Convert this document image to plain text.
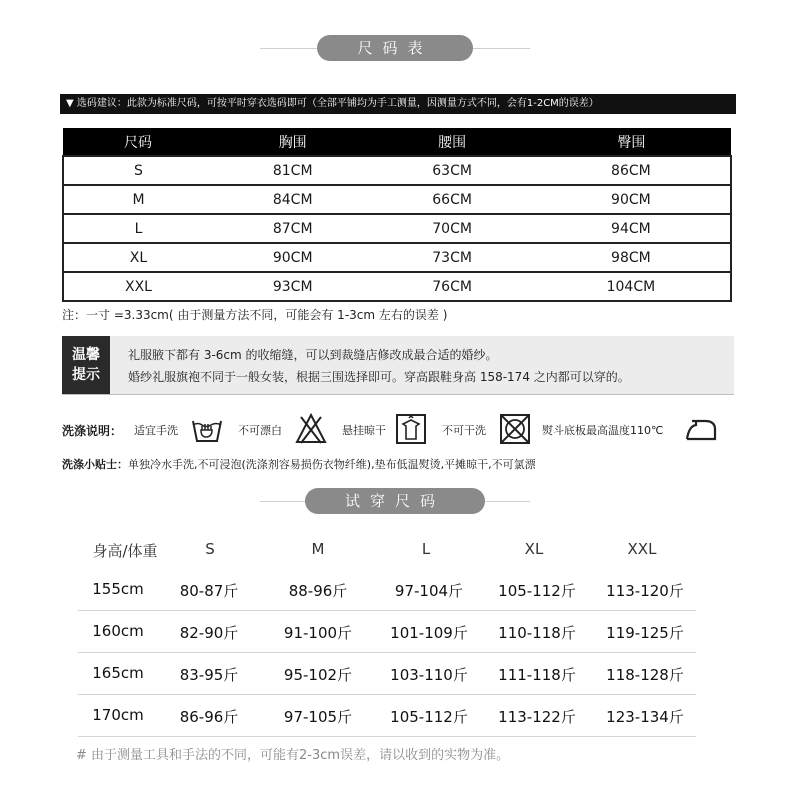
尺码表
▼ 选码建议：此款为标准尺码，可按平时穿衣选码即可（全部平铺均为手工测量，因测量方式不同，会有1-2CM的误差）
尺码	胸围	腰围	臀围
S	81CM	63CM	86CM
M	84CM	66CM	90CM
L	87CM	70CM	94CM
XL	90CM	73CM	98CM
XXL	93CM	76CM	104CM
注：一寸 =3.33cm( 由于测量方法不同，可能会有 1-3cm 左右的误差 )
温馨
提示
礼服腋下都有 3-6cm 的收缩缝，可以到裁缝店修改成最合适的婚纱。
婚纱礼服旗袍不同于一般女装，根据三围选择即可。穿高跟鞋身高 158-174 之内都可以穿的。
洗涤说明： 适宜手洗	不可漂白	悬挂晾干	不可干洗	熨斗底板最高温度110℃
洗涤小贴士：单独冷水手洗,不可浸泡(洗涤剂容易损伤衣物纤维),垫布低温熨烫,平摊晾干,不可氯漂
试穿尺码
身高/体重	S	M	L	XL	XXL
155cm	80-87斤	88-96斤	97-104斤	105-112斤	113-120斤
160cm	82-90斤	91-100斤	101-109斤	110-118斤	119-125斤
165cm	83-95斤	95-102斤	103-110斤	111-118斤	118-128斤
170cm	86-96斤	97-105斤	105-112斤	113-122斤	123-134斤
# 由于测量工具和手法的不同，可能有2-3cm误差，请以收到的实物为准。
